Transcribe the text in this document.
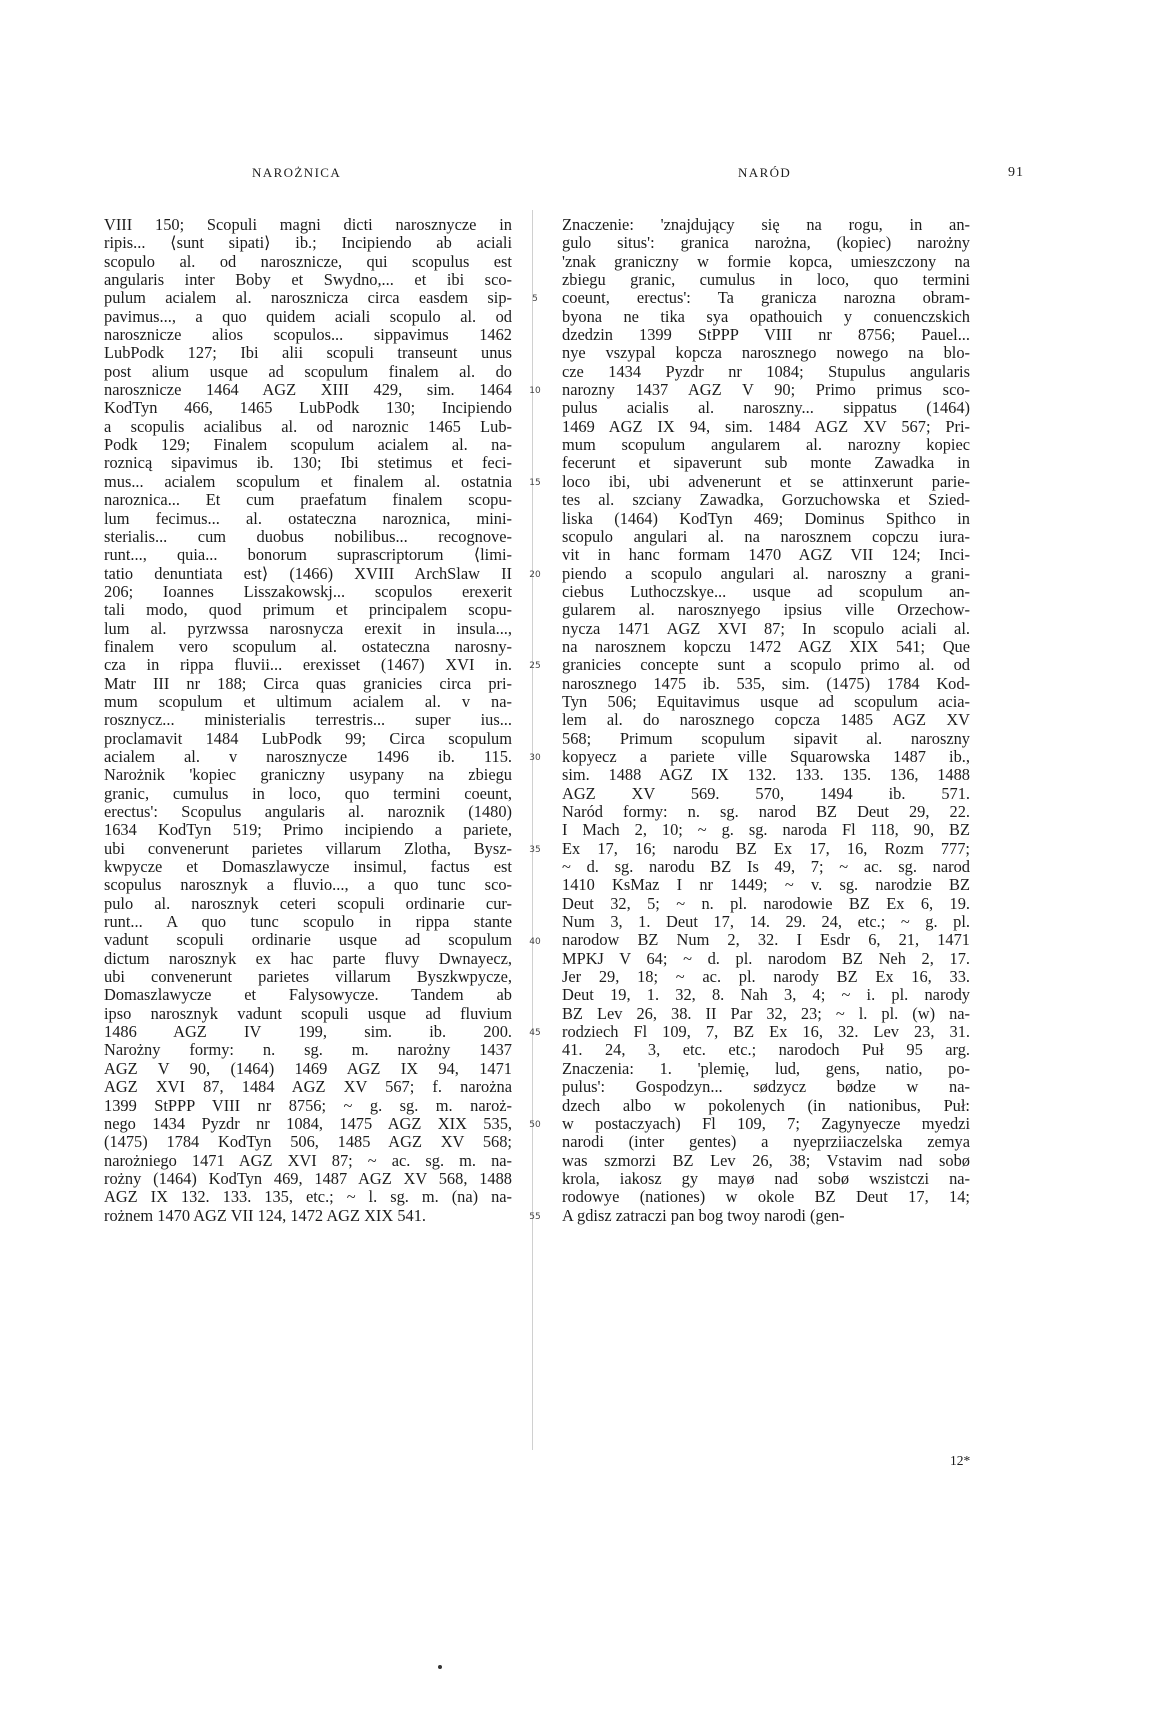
NAROŻNICA	NARÓD	91
VIII 150; Scopuli magni dicti narosznycze in
ripis... ⟨sunt sipati⟩ ib.; Incipiendo ab aciali
scopulo al. od narosznicze, qui scopulus est
angularis inter Boby et Swydno,... et ibi sco-
pulum acialem al. narosznicza circa easdem sip-
pavimus..., a quo quidem aciali scopulo al. od
narosznicze alios scopulos... sippavimus 1462
LubPodk 127; Ibi alii scopuli transeunt unus
post alium usque ad scopulum finalem al. do
narosznicze 1464 AGZ XIII 429, sim. 1464
KodTyn 466, 1465 LubPodk 130; Incipiendo
a scopulis acialibus al. od naroznic 1465 Lub-
Podk 129; Finalem scopulum acialem al. na-
roznicą sipavimus ib. 130; Ibi stetimus et feci-
mus... acialem scopulum et finalem al. ostatnia
naroznica... Et cum praefatum finalem scopu-
lum fecimus... al. ostateczna naroznica, mini-
sterialis... cum duobus nobilibus... recognove-
runt..., quia... bonorum suprascriptorum ⟨limi-
tatio denuntiata est⟩ (1466) XVIII ArchSlaw II
206; Ioannes Lisszakowskj... scopulos erexerit
tali modo, quod primum et principalem scopu-
lum al. pyrzwssa narosnycza erexit in insula...,
finalem vero scopulum al. ostateczna narosny-
cza in rippa fluvii... erexisset (1467) XVI in.
Matr III nr 188; Circa quas granicies circa pri-
mum scopulum et ultimum acialem al. v na-
rosznycz... ministerialis terrestris... super ius...
proclamavit 1484 LubPodk 99; Circa scopulum
acialem al. v narosznycze 1496 ib. 115.
Narożnik 'kopiec graniczny usypany na zbiegu
granic, cumulus in loco, quo termini coeunt,
erectus': Scopulus angularis al. naroznik (1480)
1634 KodTyn 519; Primo incipiendo a pariete,
ubi convenerunt parietes villarum Zlotha, Bysz-
kwpycze et Domaszlawycze insimul, factus est
scopulus narosznyk a fluvio..., a quo tunc sco-
pulo al. narosznyk ceteri scopuli ordinarie cur-
runt... A quo tunc scopulo in rippa stante
vadunt scopuli ordinarie usque ad scopulum
dictum narosznyk ex hac parte fluvy Dwnayecz,
ubi convenerunt parietes villarum Byszkwpycze,
Domaszlawycze et Falysowycze. Tandem ab
ipso narosznyk vadunt scopuli usque ad fluvium
1486 AGZ IV 199, sim. ib. 200.
Narożny formy: n. sg. m. narożny 1437
AGZ V 90, (1464) 1469 AGZ IX 94, 1471
AGZ XVI 87, 1484 AGZ XV 567; f. narożna
1399 StPPP VIII nr 8756; ~ g. sg. m. naroż-
nego 1434 Pyzdr nr 1084, 1475 AGZ XIX 535,
(1475) 1784 KodTyn 506, 1485 AGZ XV 568;
narożniego 1471 AGZ XVI 87; ~ ac. sg. m. na-
rożny (1464) KodTyn 469, 1487 AGZ XV 568, 1488
AGZ IX 132. 133. 135, etc.; ~ l. sg. m. (na) na-
rożnem 1470 AGZ VII 124, 1472 AGZ XIX 541.
5
10
15
20
25
30
35
40
45
50
55
Znaczenie: 'znajdujący się na rogu, in an-
gulo situs': granica narożna, (kopiec) narożny
'znak graniczny w formie kopca, umieszczony na
zbiegu granic, cumulus in loco, quo termini
coeunt, erectus': Ta granicza narozna obram-
byona ne tika sya opathouich y conuenczskich
dzedzin 1399 StPPP VIII nr 8756; Pauel...
nye vszypal kopcza narosznego nowego na blo-
cze 1434 Pyzdr nr 1084; Stupulus angularis
narozny 1437 AGZ V 90; Primo primus sco-
pulus acialis al. naroszny... sippatus (1464)
1469 AGZ IX 94, sim. 1484 AGZ XV 567; Pri-
mum scopulum angularem al. narozny kopiec
fecerunt et sipaverunt sub monte Zawadka in
loco ibi, ubi advenerunt et se attinxerunt parie-
tes al. szciany Zawadka, Gorzuchowska et Szied-
liska (1464) KodTyn 469; Dominus Spithco in
scopulo angulari al. na narosznem copczu iura-
vit in hanc formam 1470 AGZ VII 124; Inci-
piendo a scopulo angulari al. naroszny a grani-
ciebus Luthoczskye... usque ad scopulum an-
gularem al. narosznyego ipsius ville Orzechow-
nycza 1471 AGZ XVI 87; In scopulo aciali al.
na narosznem kopczu 1472 AGZ XIX 541; Que
granicies concepte sunt a scopulo primo al. od
narosznego 1475 ib. 535, sim. (1475) 1784 Kod-
Tyn 506; Equitavimus usque ad scopulum acia-
lem al. do narosznego copcza 1485 AGZ XV
568; Primum scopulum sipavit al. naroszny
kopyecz a pariete ville Squarowska 1487 ib.,
sim. 1488 AGZ IX 132. 133. 135. 136, 1488
AGZ XV 569. 570, 1494 ib. 571.
Naród formy: n. sg. narod BZ Deut 29, 22.
I Mach 2, 10; ~ g. sg. naroda Fl 118, 90, BZ
Ex 17, 16; narodu BZ Ex 17, 16, Rozm 777;
~ d. sg. narodu BZ Is 49, 7; ~ ac. sg. narod
1410 KsMaz I nr 1449; ~ v. sg. narodzie BZ
Deut 32, 5; ~ n. pl. narodowie BZ Ex 6, 19.
Num 3, 1. Deut 17, 14. 29. 24, etc.; ~ g. pl.
narodow BZ Num 2, 32. I Esdr 6, 21, 1471
MPKJ V 64; ~ d. pl. narodom BZ Neh 2, 17.
Jer 29, 18; ~ ac. pl. narody BZ Ex 16, 33.
Deut 19, 1. 32, 8. Nah 3, 4; ~ i. pl. narody
BZ Lev 26, 38. II Par 32, 23; ~ l. pl. (w) na-
rodziech Fl 109, 7, BZ Ex 16, 32. Lev 23, 31.
41. 24, 3, etc. etc.; narodoch Puł 95 arg.
Znaczenia: 1. 'plemię, lud, gens, natio, po-
pulus': Gospodzyn... sødzycz bødze w na-
dzech albo w pokolenych (in nationibus, Puł:
w postaczyach) Fl 109, 7; Zagynyecze myedzi
narodi (inter gentes) a nyeprziiaczelska zemya
was szmorzi BZ Lev 26, 38; Vstavim nad sobø
krola, iakosz gy mayø nad sobø wszistczi na-
rodowye (nationes) w okole BZ Deut 17, 14;
A gdisz zatraczi pan bog twoy narodi (gen-
12*
